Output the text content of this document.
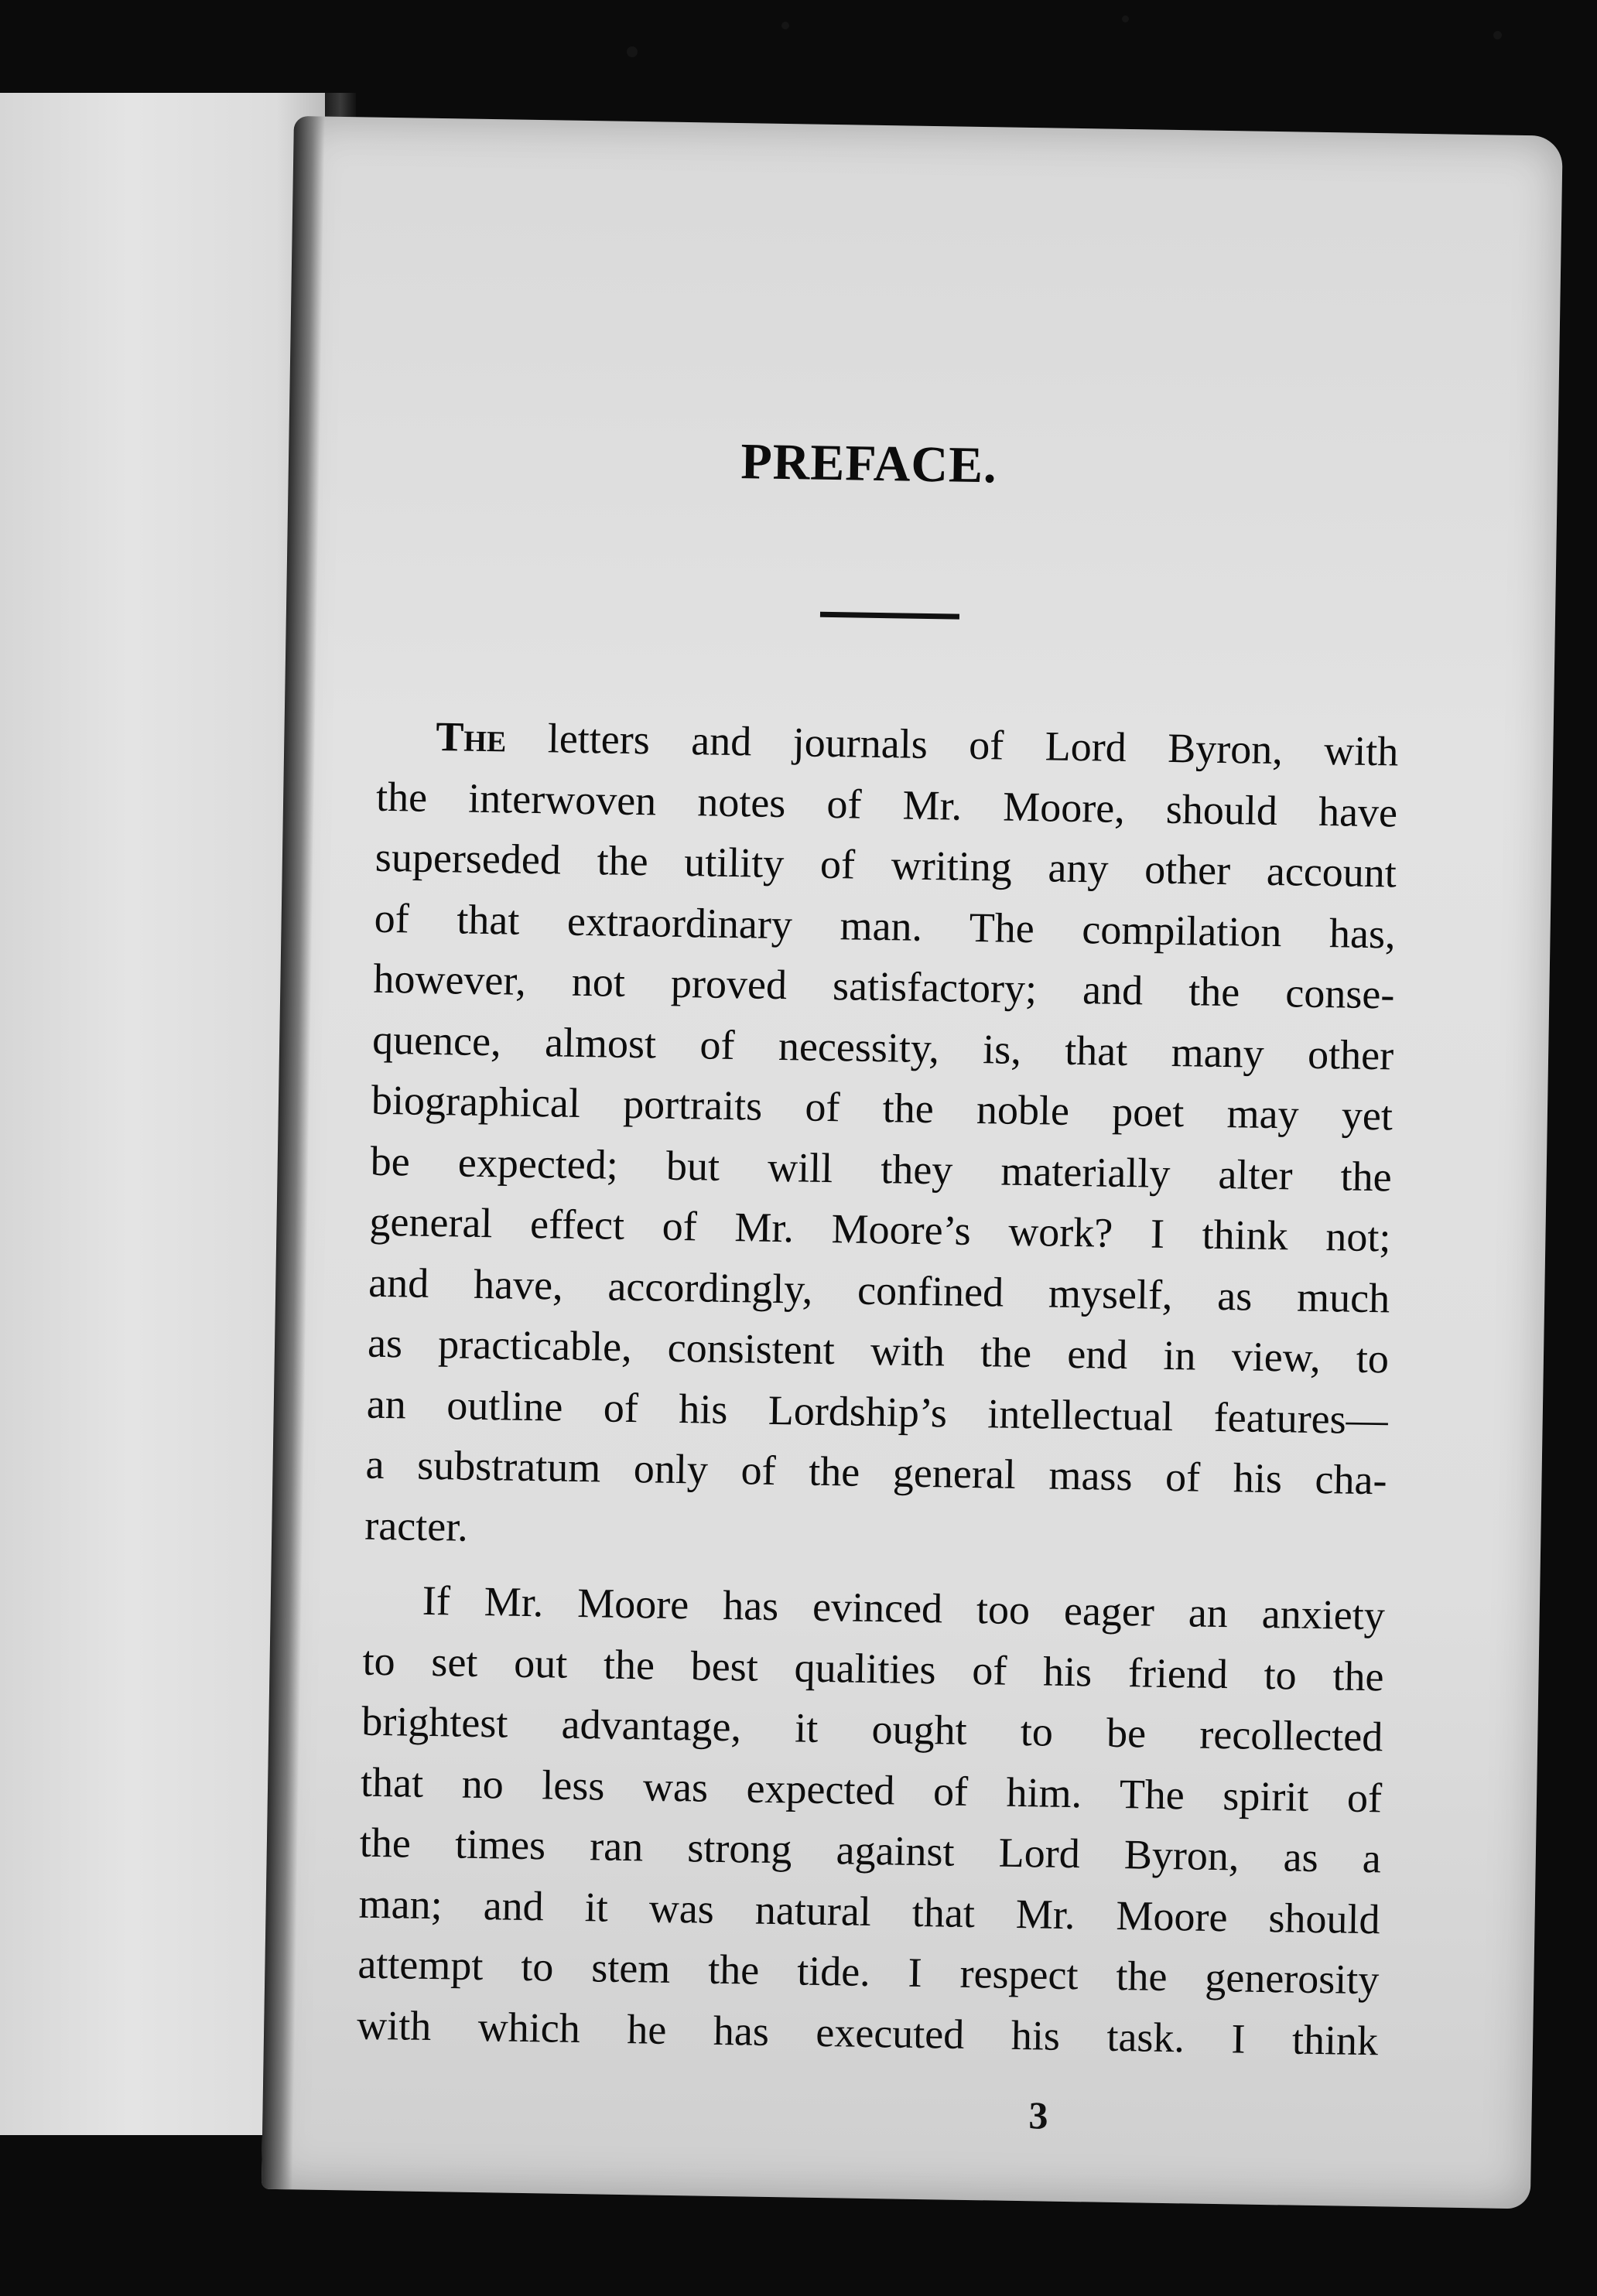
PREFACE.
The letters and journals of Lord Byron, with
the interwoven notes of Mr. Moore, should have
superseded the utility of writing any other account
of that extraordinary man. The compilation has,
however, not proved satisfactory; and the conse-
quence, almost of necessity, is, that many other
biographical portraits of the noble poet may yet
be expected; but will they materially alter the
general effect of Mr. Moore’s work? I think not;
and have, accordingly, confined myself, as much
as practicable, consistent with the end in view, to
an outline of his Lordship’s intellectual features—
a substratum only of the general mass of his cha-
racter.
If Mr. Moore has evinced too eager an anxiety
to set out the best qualities of his friend to the
brightest advantage, it ought to be recollected
that no less was expected of him. The spirit of
the times ran strong against Lord Byron, as a
man; and it was natural that Mr. Moore should
attempt to stem the tide. I respect the generosity
with which he has executed his task. I think
3
